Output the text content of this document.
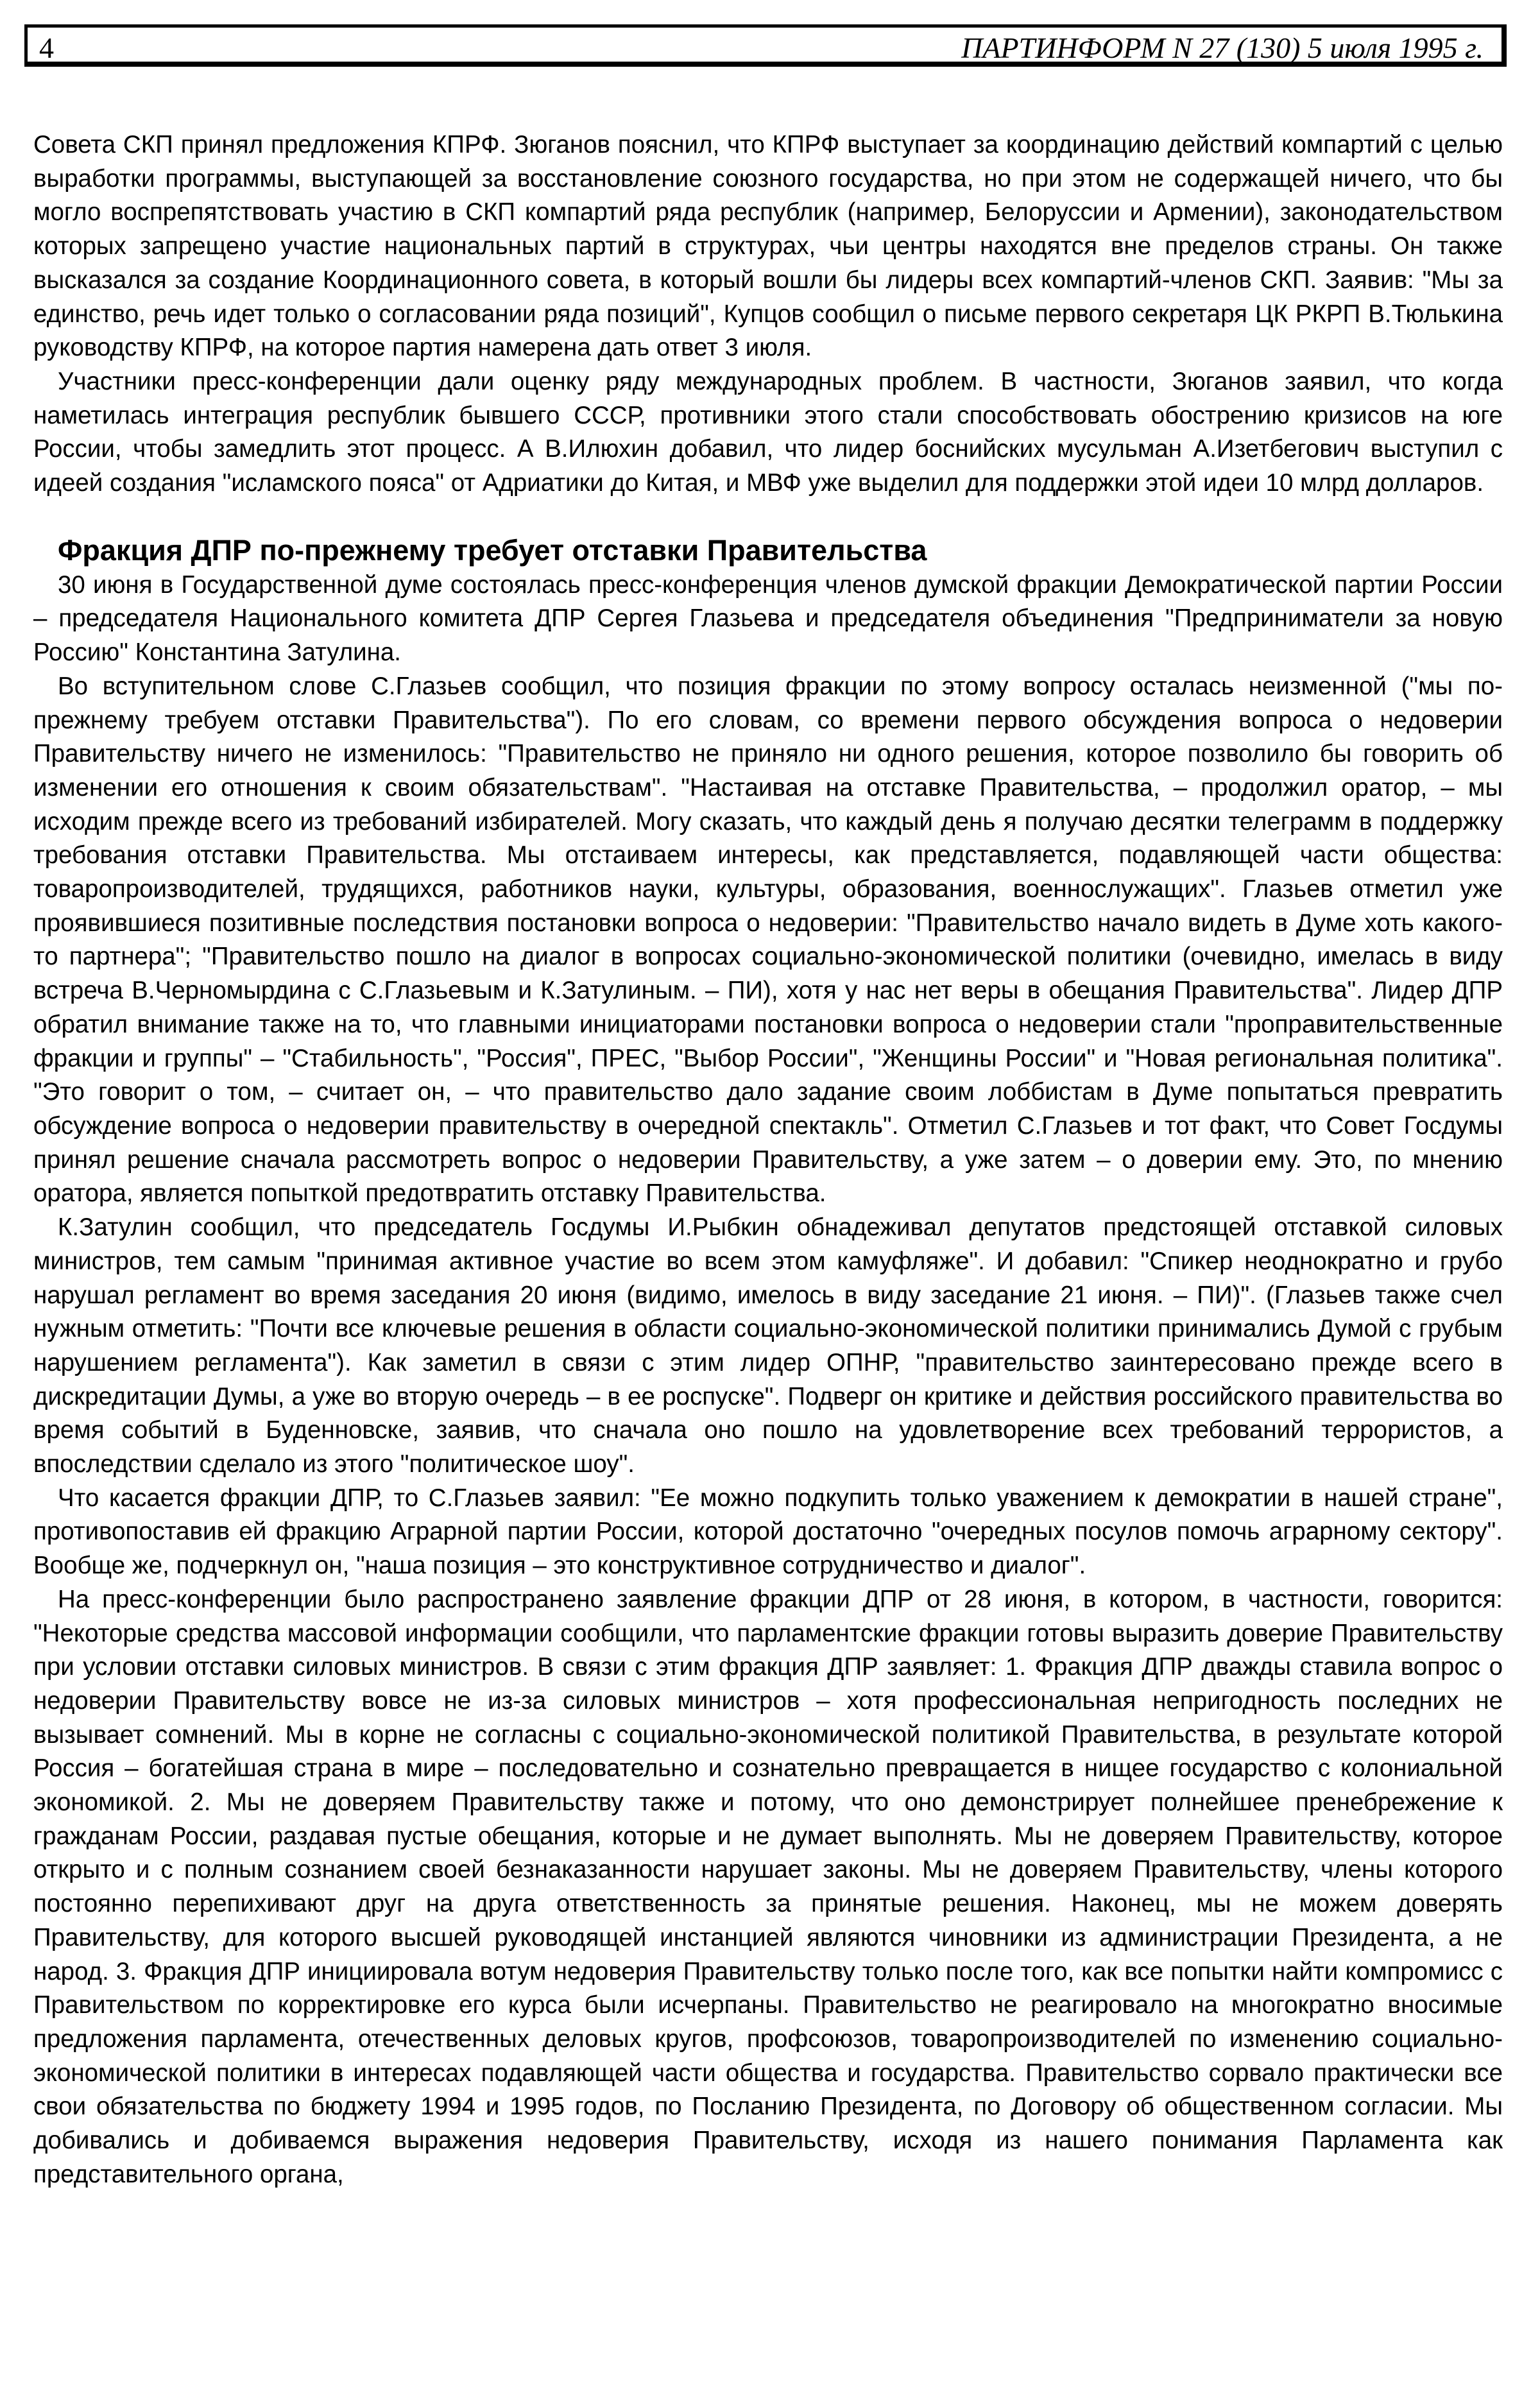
4	ПАРТИНФОРМ N 27 (130) 5 июля 1995 г.

Совета СКП принял предложения КПРФ. Зюганов пояснил, что КПРФ выступает за координацию действий компартий с целью выработки программы, выступающей за восстановление союзного государства, но при этом не содержащей ничего, что бы могло воспрепятствовать участию в СКП компартий ряда республик (например, Белоруссии и Армении), законодательством которых запрещено участие национальных партий в структурах, чьи центры находятся вне пределов страны. Он также высказался за создание Координационного совета, в который вошли бы лидеры всех компартий-членов СКП. Заявив: "Мы за единство, речь идет только о согласовании ряда позиций", Купцов сообщил о письме первого секретаря ЦК РКРП В.Тюлькина руководству КПРФ, на которое партия намерена дать ответ 3 июля.

Участники пресс-конференции дали оценку ряду международных проблем. В частности, Зюганов заявил, что когда наметилась интеграция республик бывшего СССР, противники этого стали способствовать обострению кризисов на юге России, чтобы замедлить этот процесс. А В.Илюхин добавил, что лидер боснийских мусульман А.Изетбегович выступил с идеей создания "исламского пояса" от Адриатики до Китая, и МВФ уже выделил для поддержки этой идеи 10 млрд долларов.

Фракция ДПР по-прежнему требует отставки Правительства

30 июня в Государственной думе состоялась пресс-конференция членов думской фракции Демократической партии России – председателя Национального комитета ДПР Сергея Глазьева и председателя объединения "Предприниматели за новую Россию" Константина Затулина.

Во вступительном слове С.Глазьев сообщил, что позиция фракции по этому вопросу осталась неизменной ("мы по-прежнему требуем отставки Правительства"). По его словам, со времени первого обсуждения вопроса о недоверии Правительству ничего не изменилось: "Правительство не приняло ни одного решения, которое позволило бы говорить об изменении его отношения к своим обязательствам". "Настаивая на отставке Правительства, – продолжил оратор, – мы исходим прежде всего из требований избирателей. Могу сказать, что каждый день я получаю десятки телеграмм в поддержку требования отставки Правительства. Мы отстаиваем интересы, как представляется, подавляющей части общества: товаропроизводителей, трудящихся, работников науки, культуры, образования, военнослужащих". Глазьев отметил уже проявившиеся позитивные последствия постановки вопроса о недоверии: "Правительство начало видеть в Думе хоть какого-то партнера"; "Правительство пошло на диалог в вопросах социально-экономической политики (очевидно, имелась в виду встреча В.Черномырдина с С.Глазьевым и К.Затулиным. – ПИ), хотя у нас нет веры в обещания Правительства". Лидер ДПР обратил внимание также на то, что главными инициаторами постановки вопроса о недоверии стали "проправительственные фракции и группы" – "Стабильность", "Россия", ПРЕС, "Выбор России", "Женщины России" и "Новая региональная политика". "Это говорит о том, – считает он, – что правительство дало задание своим лоббистам в Думе попытаться превратить обсуждение вопроса о недоверии правительству в очередной спектакль". Отметил С.Глазьев и тот факт, что Совет Госдумы принял решение сначала рассмотреть вопрос о недоверии Правительству, а уже затем – о доверии ему. Это, по мнению оратора, является попыткой предотвратить отставку Правительства.

К.Затулин сообщил, что председатель Госдумы И.Рыбкин обнадеживал депутатов предстоящей отставкой силовых министров, тем самым "принимая активное участие во всем этом камуфляже". И добавил: "Спикер неоднократно и грубо нарушал регламент во время заседания 20 июня (видимо, имелось в виду заседание 21 июня. – ПИ)". (Глазьев также счел нужным отметить: "Почти все ключевые решения в области социально-экономической политики принимались Думой с грубым нарушением регламента"). Как заметил в связи с этим лидер ОПНР, "правительство заинтересовано прежде всего в дискредитации Думы, а уже во вторую очередь – в ее роспуске". Подверг он критике и действия российского правительства во время событий в Буденновске, заявив, что сначала оно пошло на удовлетворение всех требований террористов, а впоследствии сделало из этого "политическое шоу".

Что касается фракции ДПР, то С.Глазьев заявил: "Ее можно подкупить только уважением к демократии в нашей стране", противопоставив ей фракцию Аграрной партии России, которой достаточно "очередных посулов помочь аграрному сектору". Вообще же, подчеркнул он, "наша позиция – это конструктивное сотрудничество и диалог".

На пресс-конференции было распространено заявление фракции ДПР от 28 июня, в котором, в частности, говорится: "Некоторые средства массовой информации сообщили, что парламентские фракции готовы выразить доверие Правительству при условии отставки силовых министров. В связи с этим фракция ДПР заявляет: 1. Фракция ДПР дважды ставила вопрос о недоверии Правительству вовсе не из-за силовых министров – хотя профессиональная непригодность последних не вызывает сомнений. Мы в корне не согласны с социально-экономической политикой Правительства, в результате которой Россия – богатейшая страна в мире – последовательно и сознательно превращается в нищее государство с колониальной экономикой. 2. Мы не доверяем Правительству также и потому, что оно демонстрирует полнейшее пренебрежение к гражданам России, раздавая пустые обещания, которые и не думает выполнять. Мы не доверяем Правительству, которое открыто и с полным сознанием своей безнаказанности нарушает законы. Мы не доверяем Правительству, члены которого постоянно перепихивают друг на друга ответственность за принятые решения. Наконец, мы не можем доверять Правительству, для которого высшей руководящей инстанцией являются чиновники из администрации Президента, а не народ. 3. Фракция ДПР инициировала вотум недоверия Правительству только после того, как все попытки найти компромисс с Правительством по корректировке его курса были исчерпаны. Правительство не реагировало на многократно вносимые предложения парламента, отечественных деловых кругов, профсоюзов, товаропроизводителей по изменению социально-экономической политики в интересах подавляющей части общества и государства. Правительство сорвало практически все свои обязательства по бюджету 1994 и 1995 годов, по Посланию Президента, по Договору об общественном согласии. Мы добивались и добиваемся выражения недоверия Правительству, исходя из нашего понимания Парламента как представительного органа,
